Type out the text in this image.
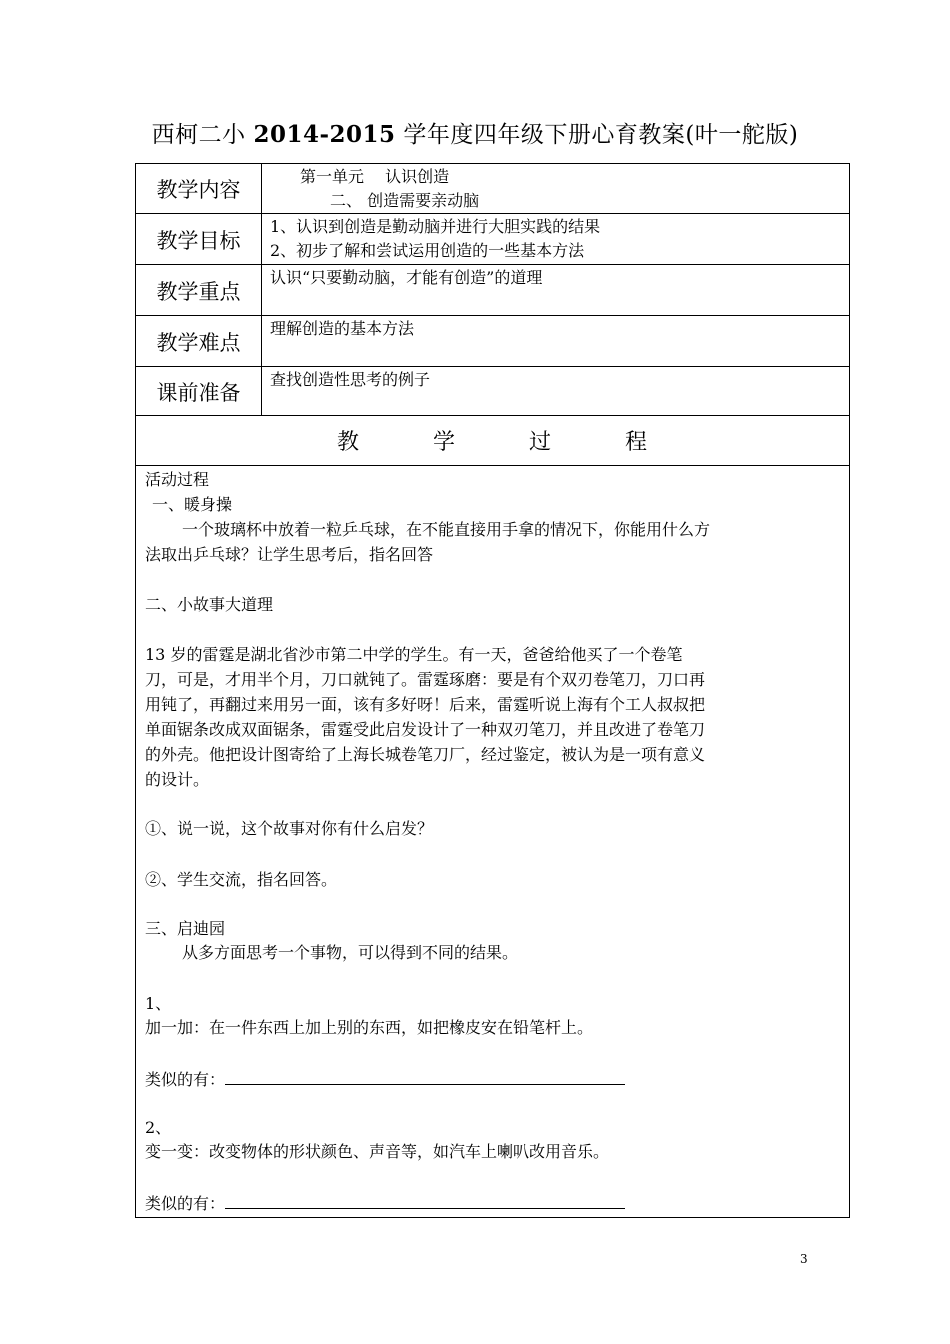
西柯二小 2014-2015 学年度四年级下册心育教案(叶一舵版)
教学内容
第一单元　 认识创造
二、 创造需要亲动脑
教学目标
1、认识到创造是勤动脑并进行大胆实践的结果
2、初步了解和尝试运用创造的一些基本方法
教学重点
认识“只要勤动脑，才能有创造”的道理
教学难点
理解创造的基本方法
课前准备
查找创造性思考的例子
教	学	过	程
活动过程
一、暖身操
一个玻璃杯中放着一粒乒乓球，在不能直接用手拿的情况下，你能用什么方
法取出乒乓球？让学生思考后，指名回答
二、小故事大道理
13 岁的雷霆是湖北省沙市第二中学的学生。有一天，爸爸给他买了一个卷笔
刀，可是，才用半个月，刀口就钝了。雷霆琢磨：要是有个双刃卷笔刀，刀口再
用钝了，再翻过来用另一面，该有多好呀！后来，雷霆听说上海有个工人叔叔把
单面锯条改成双面锯条，雷霆受此启发设计了一种双刃笔刀，并且改进了卷笔刀
的外壳。他把设计图寄给了上海长城卷笔刀厂，经过鉴定，被认为是一项有意义
的设计。
①、说一说，这个故事对你有什么启发？
②、学生交流，指名回答。
三、启迪园
从多方面思考一个事物，可以得到不同的结果。
1、
加一加：在一件东西上加上别的东西，如把橡皮安在铅笔杆上。
类似的有：
2、
变一变：改变物体的形状颜色、声音等，如汽车上喇叭改用音乐。
类似的有：
3
